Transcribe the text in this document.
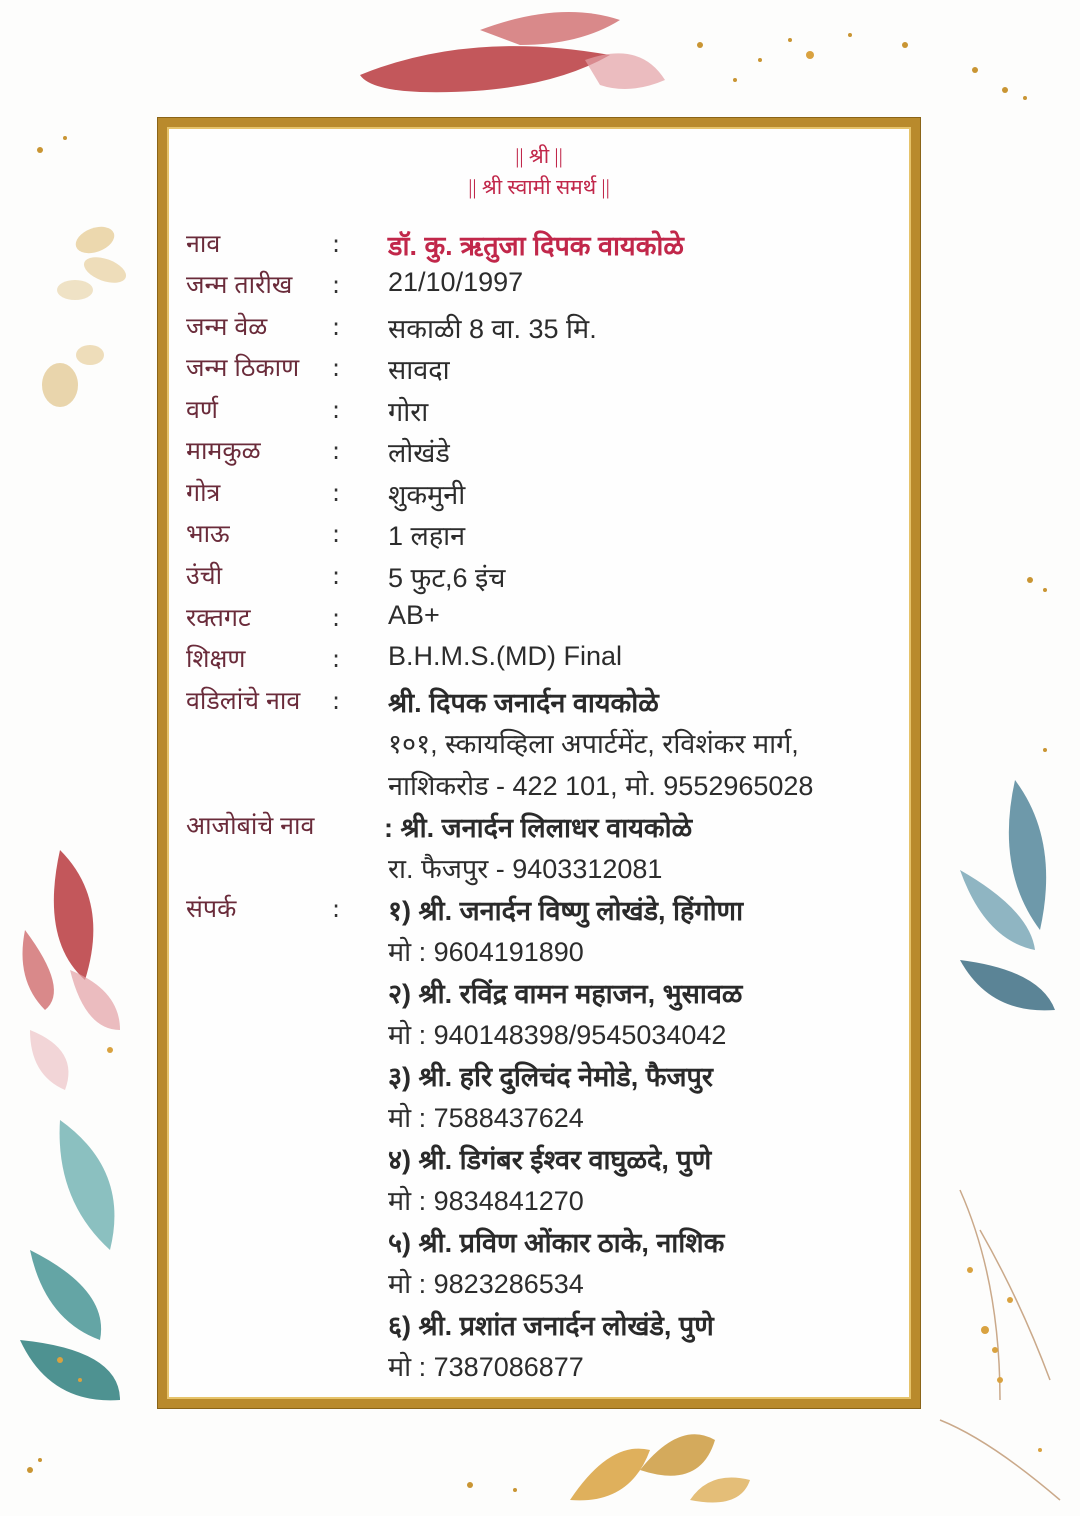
|| श्री ||
|| श्री स्वामी समर्थ ||
नाव	: डॉ. कु. ऋतुजा दिपक वायकोळे
जन्म तारीख : 21/10/1997
जन्म वेळ	: सकाळी 8 वा. 35 मि.
जन्म ठिकाण : सावदा
वर्ण	: गोरा
मामकुळ	: लोखंडे
गोत्र	: शुकमुनी
भाऊ	: 1 लहान
उंची	: 5 फुट,6 इंच
रक्तगट	: AB+
शिक्षण	: B.H.M.S.(MD) Final
वडिलांचे नाव : श्री. दिपक जनार्दन वायकोळे
१०१, स्कायव्हिला अपार्टमेंट, रविशंकर मार्ग,
नाशिकरोड - 422 101, मो. 9552965028
आजोबांचे नाव	: श्री. जनार्दन लिलाधर वायकोळे
रा. फैजपुर - 9403312081
संपर्क	: १) श्री. जनार्दन विष्णु लोखंडे, हिंगोणा
मो : 9604191890
२) श्री. रविंद्र वामन महाजन, भुसावळ
मो : 940148398/9545034042
३) श्री. हरि दुलिचंद नेमोडे, फैजपुर
मो : 7588437624
४) श्री. डिगंबर ईश्वर वाघुळदे, पुणे
मो : 9834841270
५) श्री. प्रविण ओंकार ठाके, नाशिक
मो : 9823286534
६) श्री. प्रशांत जनार्दन लोखंडे, पुणे
मो : 7387086877
